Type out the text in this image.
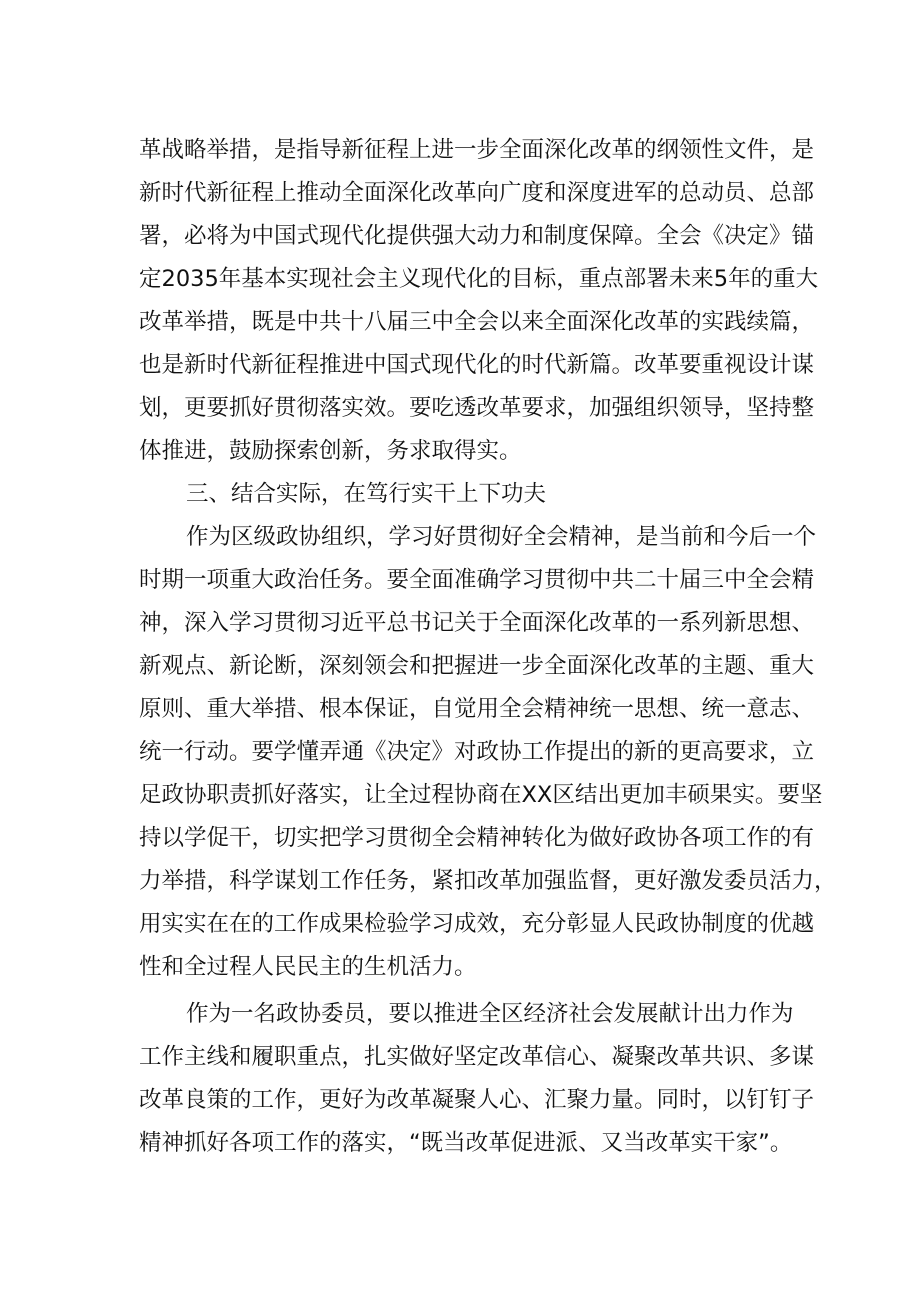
革战略举措，是指导新征程上进一步全面深化改革的纲领性文件，是
新时代新征程上推动全面深化改革向广度和深度进军的总动员、总部
署，必将为中国式现代化提供强大动力和制度保障。全会《决定》锚
定2035年基本实现社会主义现代化的目标，重点部署未来5年的重大
改革举措，既是中共十八届三中全会以来全面深化改革的实践续篇，
也是新时代新征程推进中国式现代化的时代新篇。改革要重视设计谋
划，更要抓好贯彻落实效。要吃透改革要求，加强组织领导，坚持整
体推进，鼓励探索创新，务求取得实。
三、结合实际，在笃行实干上下功夫
作为区级政协组织，学习好贯彻好全会精神，是当前和今后一个
时期一项重大政治任务。要全面准确学习贯彻中共二十届三中全会精
神，深入学习贯彻习近平总书记关于全面深化改革的一系列新思想、
新观点、新论断，深刻领会和把握进一步全面深化改革的主题、重大
原则、重大举措、根本保证，自觉用全会精神统一思想、统一意志、
统一行动。要学懂弄通《决定》对政协工作提出的新的更高要求，立
足政协职责抓好落实，让全过程协商在XX区结出更加丰硕果实。要坚
持以学促干，切实把学习贯彻全会精神转化为做好政协各项工作的有
力举措，科学谋划工作任务，紧扣改革加强监督，更好激发委员活力，
用实实在在的工作成果检验学习成效，充分彰显人民政协制度的优越
性和全过程人民民主的生机活力。
作为一名政协委员，要以推进全区经济社会发展献计出力作为
工作主线和履职重点，扎实做好坚定改革信心、凝聚改革共识、多谋
改革良策的工作，更好为改革凝聚人心、汇聚力量。同时，以钉钉子
精神抓好各项工作的落实，“既当改革促进派、又当改革实干家”。
